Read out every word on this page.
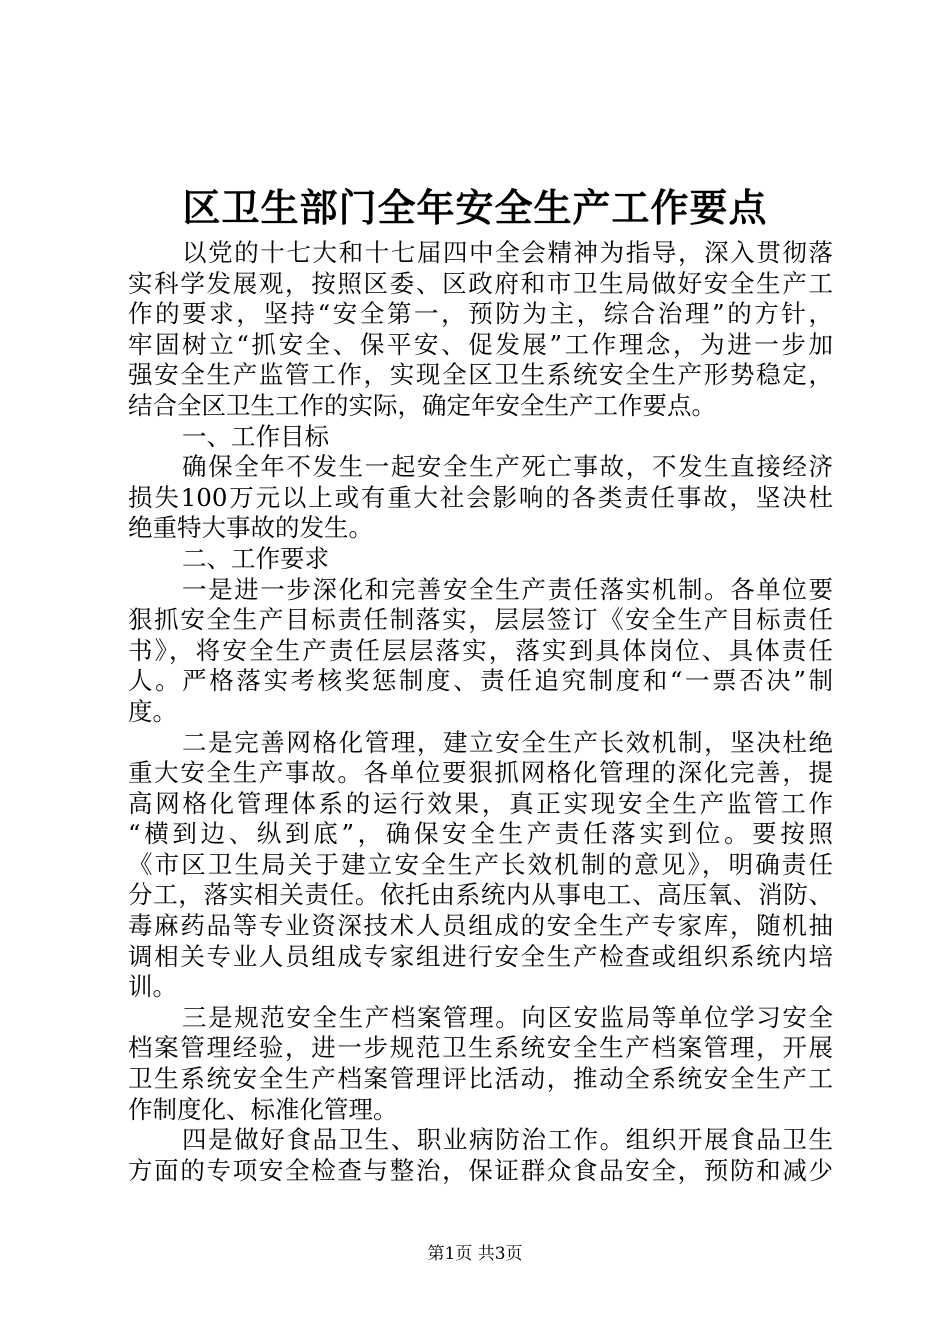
区卫生部门全年安全生产工作要点
以党的十七大和十七届四中全会精神为指导，深入贯彻落
实科学发展观，按照区委、区政府和市卫生局做好安全生产工
作的要求，坚持“安全第一，预防为主，综合治理”的方针，
牢固树立“抓安全、保平安、促发展”工作理念，为进一步加
强安全生产监管工作，实现全区卫生系统安全生产形势稳定，
结合全区卫生工作的实际，确定年安全生产工作要点。
一、工作目标
确保全年不发生一起安全生产死亡事故，不发生直接经济
损失100万元以上或有重大社会影响的各类责任事故，坚决杜
绝重特大事故的发生。
二、工作要求
一是进一步深化和完善安全生产责任落实机制。各单位要
狠抓安全生产目标责任制落实，层层签订《安全生产目标责任
书》，将安全生产责任层层落实，落实到具体岗位、具体责任
人。严格落实考核奖惩制度、责任追究制度和“一票否决”制
度。
二是完善网格化管理，建立安全生产长效机制，坚决杜绝
重大安全生产事故。各单位要狠抓网格化管理的深化完善，提
高网格化管理体系的运行效果，真正实现安全生产监管工作
“横到边、纵到底”，确保安全生产责任落实到位。要按照
《市区卫生局关于建立安全生产长效机制的意见》，明确责任
分工，落实相关责任。依托由系统内从事电工、高压氧、消防、
毒麻药品等专业资深技术人员组成的安全生产专家库，随机抽
调相关专业人员组成专家组进行安全生产检查或组织系统内培
训。
三是规范安全生产档案管理。向区安监局等单位学习安全
档案管理经验，进一步规范卫生系统安全生产档案管理，开展
卫生系统安全生产档案管理评比活动，推动全系统安全生产工
作制度化、标准化管理。
四是做好食品卫生、职业病防治工作。组织开展食品卫生
方面的专项安全检查与整治，保证群众食品安全，预防和减少
第1页 共3页
